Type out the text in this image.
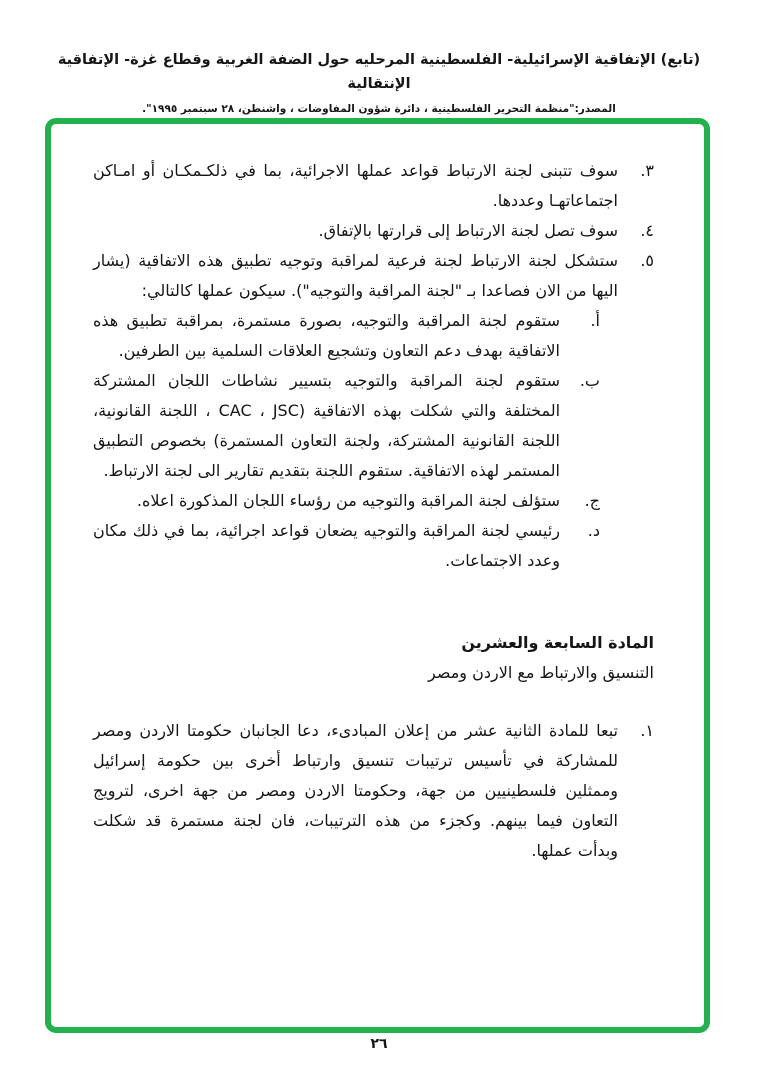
(تابع) الإتفاقية الإسرائيلية- الفلسطينية المرحليه حول الضفة الغربية وقطاع غزة- الإتفاقية الإنتقالية
المصدر:"منظمة التحرير الفلسطينية ، دائرة شؤون المفاوضات ، واشنطن، ٢٨ سبتمبر ١٩٩٥".
٣.
سوف تتبنى لجنة الارتباط قواعد عملها الاجرائية، بما في ذلكـمكـان أو امـاكن اجتماعاتهـا وعددها.
٤.
سوف تصل لجنة الارتباط إلى قرارتها بالإتفاق.
٥.
ستشكل لجنة الارتباط لجنة فرعية لمراقبة وتوجيه تطبيق هذه الاتفاقية (يشار اليها من الان فصاعدا بـ "لجنة المراقبة والتوجيه"). سيكون عملها كالتالي:
أ.
ستقوم لجنة المراقبة والتوجيه، بصورة مستمرة، بمراقبة تطبيق هذه الاتفاقية بهدف دعم التعاون وتشجيع العلاقات السلمية بين الطرفين.
ب.
ستقوم لجنة المراقبة والتوجيه بتسيير نشاطات اللجان المشتركة المختلفة والتي شكلت بهذه الاتفاقية (CAC ، JSC ، اللجنة القانونية، اللجنة القانونية المشتركة، ولجنة التعاون المستمرة) بخصوص التطبيق المستمر لهذه الاتفاقية. ستقوم اللجنة بتقديم تقارير الى لجنة الارتباط.
ج.
ستؤلف لجنة المراقبة والتوجيه من رؤساء اللجان المذكورة اعلاه.
د.
رئيسي لجنة المراقبة والتوجيه يضعان قواعد اجرائية، بما في ذلك مكان وعدد الاجتماعات.
المادة السابعة والعشرين
التنسيق والارتباط مع الاردن ومصر
١.
تبعا للمادة الثانية عشر من إعلان المبادىء، دعا الجانبان حكومتا الاردن ومصر للمشاركة في تأسيس ترتيبات تنسيق وارتباط أخرى بين حكومة إسرائيل وممثلين فلسطينيين من جهة، وحكومتا الاردن ومصر من جهة اخرى، لترويج التعاون فيما بينهم. وكجزء من هذه الترتيبات، فان لجنة مستمرة قد شكلت وبدأت عملها.
٢٦
